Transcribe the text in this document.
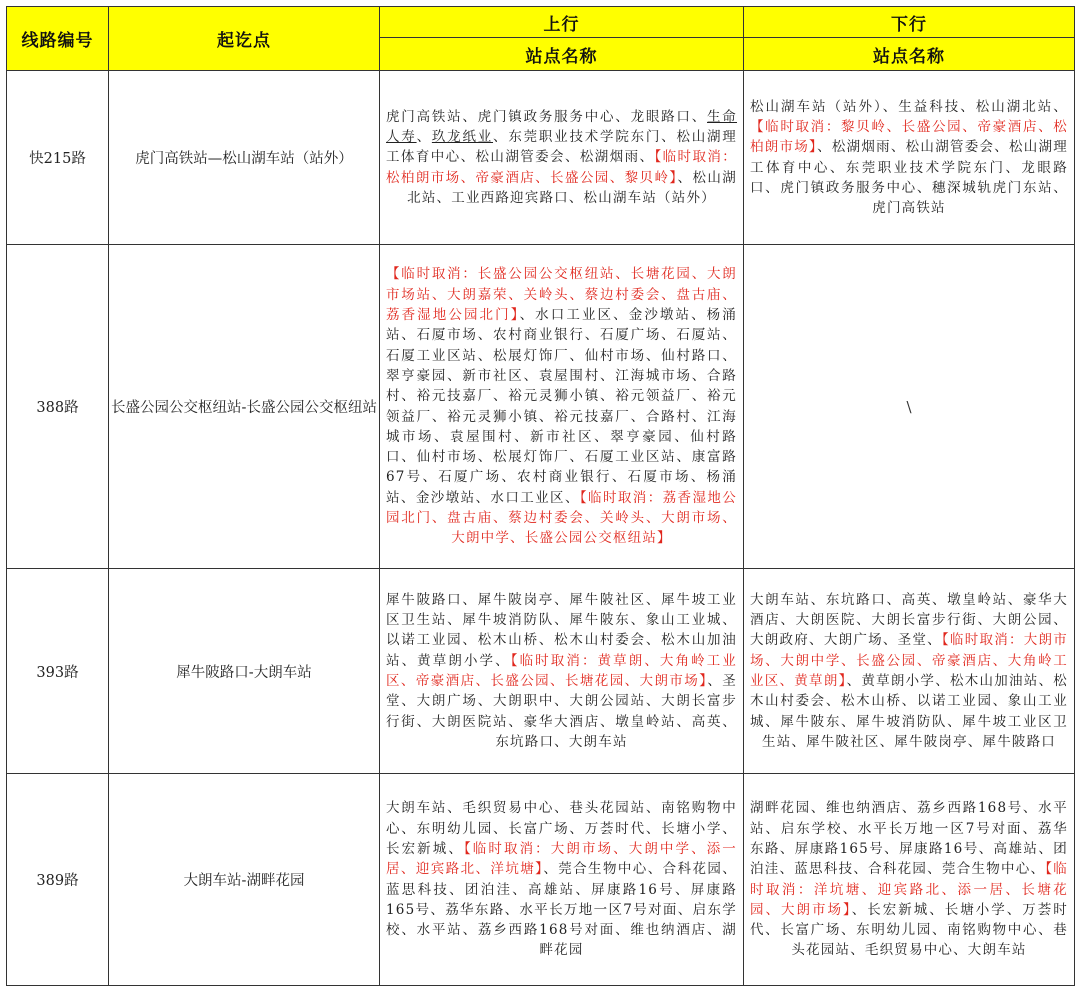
线路编号	起讫点	上行	下行
		站点名称	站点名称
快215路	虎门高铁站—松山湖车站（站外）	虎门高铁站、虎门镇政务服务中心、龙眼路口、生命人寿、玖龙纸业、东莞职业技术学院东门、松山湖理工体育中心、松山湖管委会、松湖烟雨、【临时取消：松柏朗市场、帝豪酒店、长盛公园、黎贝岭】、松山湖北站、工业西路迎宾路口、松山湖车站（站外）	松山湖车站（站外）、生益科技、松山湖北站、【临时取消：黎贝岭、长盛公园、帝豪酒店、松柏朗市场】、松湖烟雨、松山湖管委会、松山湖理工体育中心、东莞职业技术学院东门、龙眼路口、虎门镇政务服务中心、穗深城轨虎门东站、虎门高铁站
388路	长盛公园公交枢纽站-长盛公园公交枢纽站	【临时取消：长盛公园公交枢纽站、长塘花园、大朗市场站、大朗嘉荣、关岭头、蔡边村委会、盘古庙、荔香湿地公园北门】、水口工业区、金沙墩站、杨涌站、石厦市场、农村商业银行、石厦广场、石厦站、石厦工业区站、松展灯饰厂、仙村市场、仙村路口、翠亨豪园、新市社区、袁屋围村、江海城市场、合路村、裕元技嘉厂、裕元灵狮小镇、裕元领益厂、裕元领益厂、裕元灵狮小镇、裕元技嘉厂、合路村、江海城市场、袁屋围村、新市社区、翠亨豪园、仙村路口、仙村市场、松展灯饰厂、石厦工业区站、康富路67号、石厦广场、农村商业银行、石厦市场、杨涌站、金沙墩站、水口工业区、【临时取消：荔香湿地公园北门、盘古庙、蔡边村委会、关岭头、大朗市场、大朗中学、长盛公园公交枢纽站】	\
393路	犀牛陂路口-大朗车站	犀牛陂路口、犀牛陂岗亭、犀牛陂社区、犀牛坡工业区卫生站、犀牛坡消防队、犀牛陂东、象山工业城、以诺工业园、松木山桥、松木山村委会、松木山加油站、黄草朗小学、【临时取消：黄草朗、大角岭工业区、帝豪酒店、长盛公园、长塘花园、大朗市场】、圣堂、大朗广场、大朗职中、大朗公园站、大朗长富步行街、大朗医院站、豪华大酒店、墩皇岭站、高英、东坑路口、大朗车站	大朗车站、东坑路口、高英、墩皇岭站、豪华大酒店、大朗医院、大朗长富步行街、大朗公园、大朗政府、大朗广场、圣堂、【临时取消：大朗市场、大朗中学、长盛公园、帝豪酒店、大角岭工业区、黄草朗】、黄草朗小学、松木山加油站、松木山村委会、松木山桥、以诺工业园、象山工业城、犀牛陂东、犀牛坡消防队、犀牛坡工业区卫生站、犀牛陂社区、犀牛陂岗亭、犀牛陂路口
389路	大朗车站-湖畔花园	大朗车站、毛织贸易中心、巷头花园站、南铭购物中心、东明幼儿园、长富广场、万荟时代、长塘小学、长宏新城、【临时取消：大朗市场、大朗中学、添一居、迎宾路北、洋坑塘】、莞合生物中心、合科花园、蓝思科技、团泊洼、高雄站、屏康路16号、屏康路165号、荔华东路、水平长万地一区7号对面、启东学校、水平站、荔乡西路168号对面、维也纳酒店、湖畔花园	湖畔花园、维也纳酒店、荔乡西路168号、水平站、启东学校、水平长万地一区7号对面、荔华东路、屏康路165号、屏康路16号、高雄站、团泊洼、蓝思科技、合科花园、莞合生物中心、【临时取消：洋坑塘、迎宾路北、添一居、长塘花园、大朗市场】、长宏新城、长塘小学、万荟时代、长富广场、东明幼儿园、南铭购物中心、巷头花园站、毛织贸易中心、大朗车站
